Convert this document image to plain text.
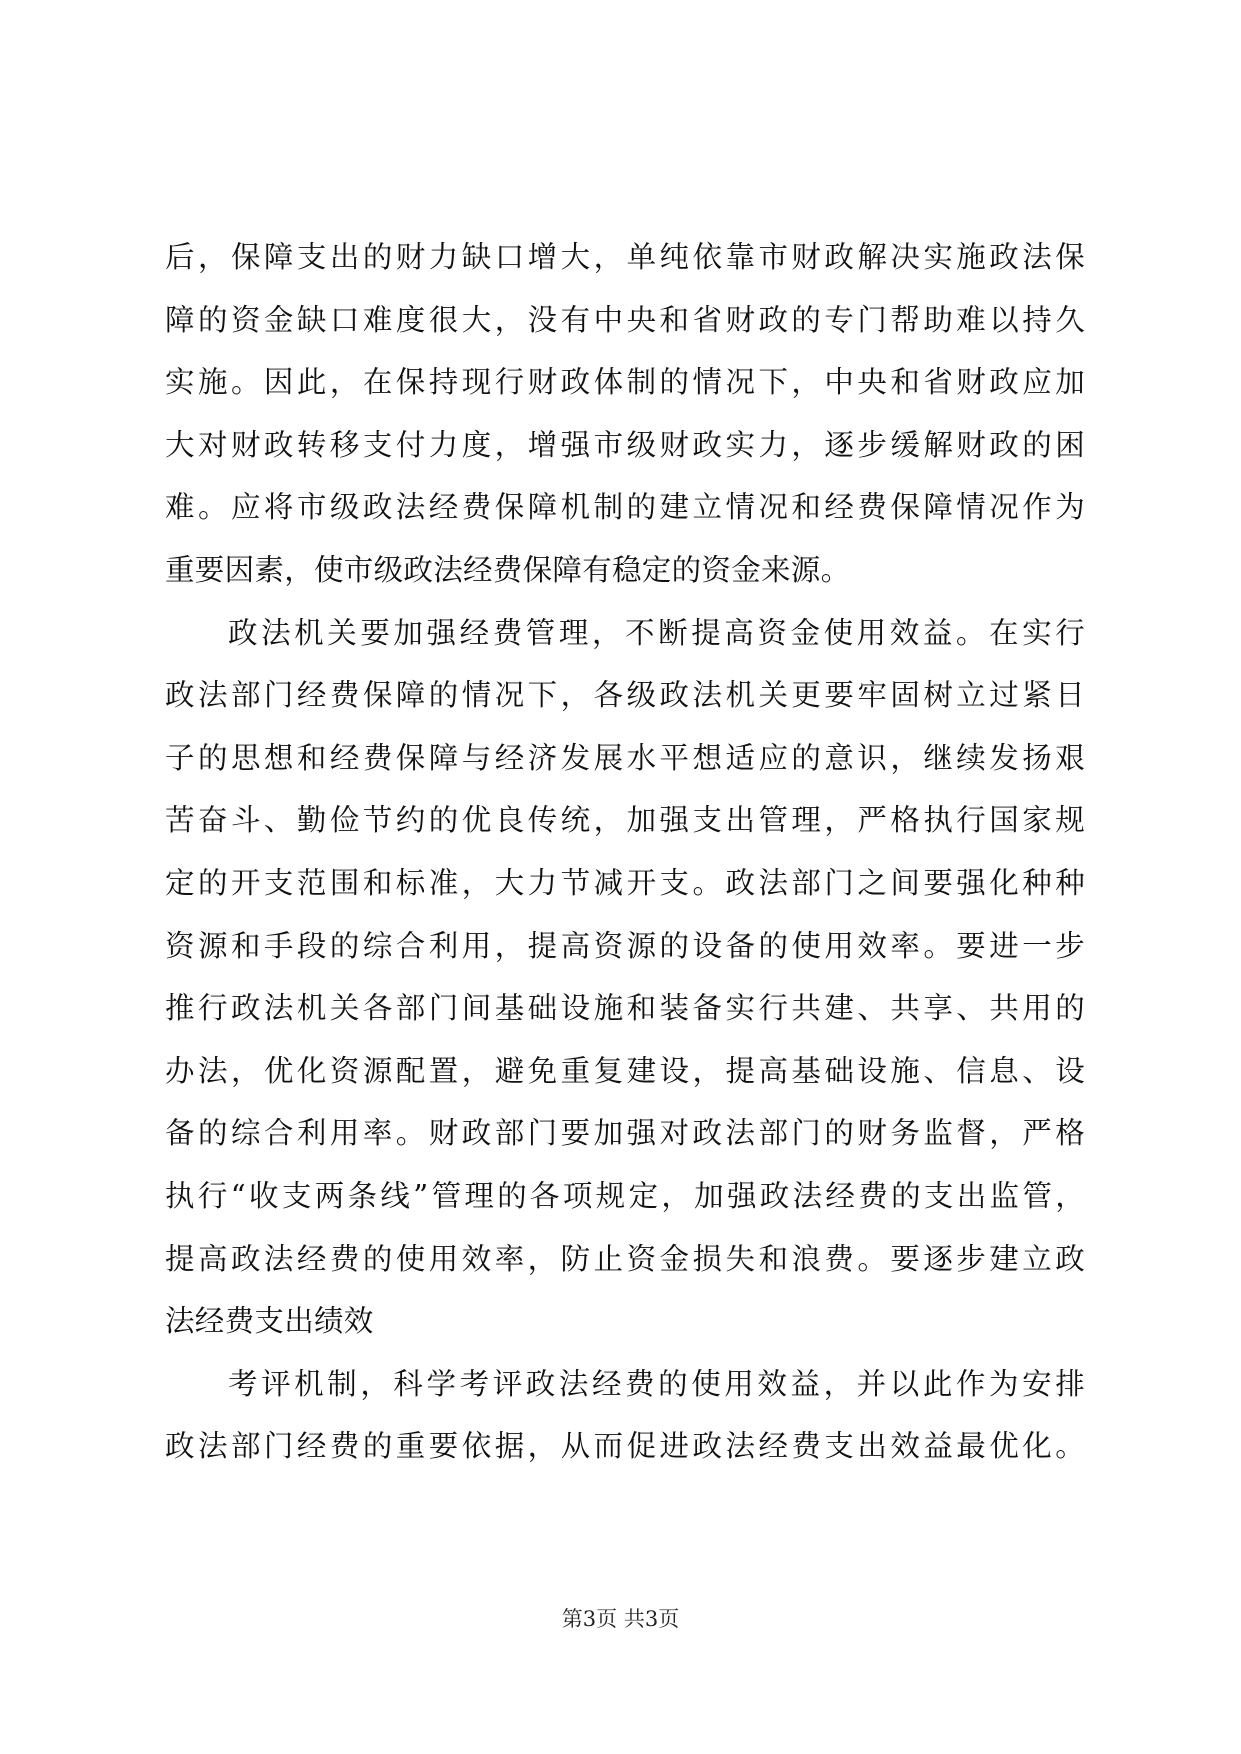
后，保障支出的财力缺口增大，单纯依靠市财政解决实施政法保
障的资金缺口难度很大，没有中央和省财政的专门帮助难以持久
实施。因此，在保持现行财政体制的情况下，中央和省财政应加
大对财政转移支付力度，增强市级财政实力，逐步缓解财政的困
难。应将市级政法经费保障机制的建立情况和经费保障情况作为
重要因素，使市级政法经费保障有稳定的资金来源。
政法机关要加强经费管理，不断提高资金使用效益。在实行
政法部门经费保障的情况下，各级政法机关更要牢固树立过紧日
子的思想和经费保障与经济发展水平想适应的意识，继续发扬艰
苦奋斗、勤俭节约的优良传统，加强支出管理，严格执行国家规
定的开支范围和标准，大力节减开支。政法部门之间要强化种种
资源和手段的综合利用，提高资源的设备的使用效率。要进一步
推行政法机关各部门间基础设施和装备实行共建、共享、共用的
办法，优化资源配置，避免重复建设，提高基础设施、信息、设
备的综合利用率。财政部门要加强对政法部门的财务监督，严格
执行“收支两条线”管理的各项规定，加强政法经费的支出监管，
提高政法经费的使用效率，防止资金损失和浪费。要逐步建立政
法经费支出绩效
考评机制，科学考评政法经费的使用效益，并以此作为安排
政法部门经费的重要依据，从而促进政法经费支出效益最优化。
第3页 共3页
